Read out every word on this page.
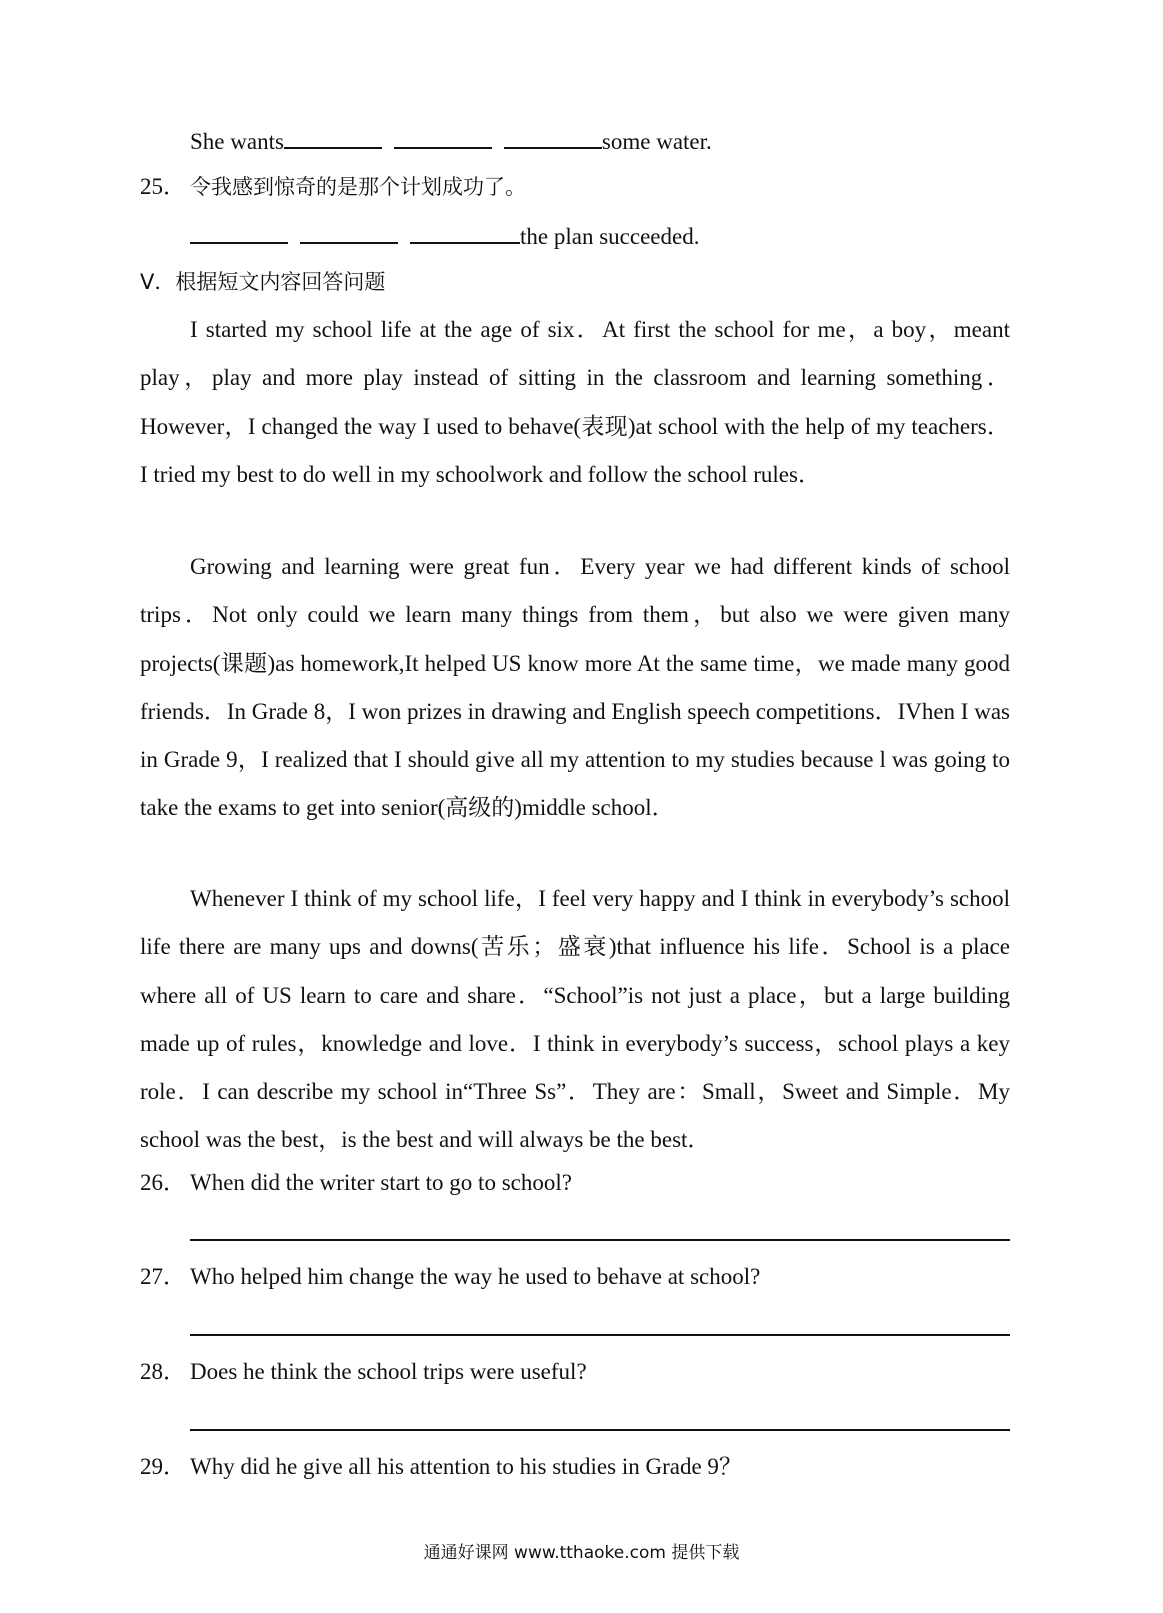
She wants	some water.
25． 令我感到惊奇的是那个计划成功了。
the plan succeeded.
V．根据短文内容回答问题
I started my school life at the age of six．At first the school for me，a boy，meant play，play and more play instead of sitting in the classroom and learning something．However，I changed the way I used to behave(表现)at school with the help of my teachers．I tried my best to do well in my schoolwork and follow the school rules．
Growing and learning were great fun．Every year we had different kinds of school trips．Not only could we learn many things from them，but also we were given many projects(课题)as homework,It helped US know more At the same time，we made many good friends．In Grade 8，I won prizes in drawing and English speech competitions．IVhen I was in Grade 9，I realized that I should give all my attention to my studies because l was going to take the exams to get into senior(高级的)middle school．
Whenever I think of my school life，I feel very happy and I think in everybody’s school life there are many ups and downs(苦乐；盛衰)that influence his life．School is a place where all of US learn to care and share．“School”is not just a place，but a large building made up of rules，knowledge and love．I think in everybody’s success，school plays a key role．I can describe my school in“Three Ss”．They are：Small，Sweet and Simple．My school was the best，is the best and will always be the best．
26． When did the writer start to go to school?
27． Who helped him change the way he used to behave at school?
28． Does he think the school trips were useful?
29． Why did he give all his attention to his studies in Grade 9？
通通好课网 www.tthaoke.com 提供下载
